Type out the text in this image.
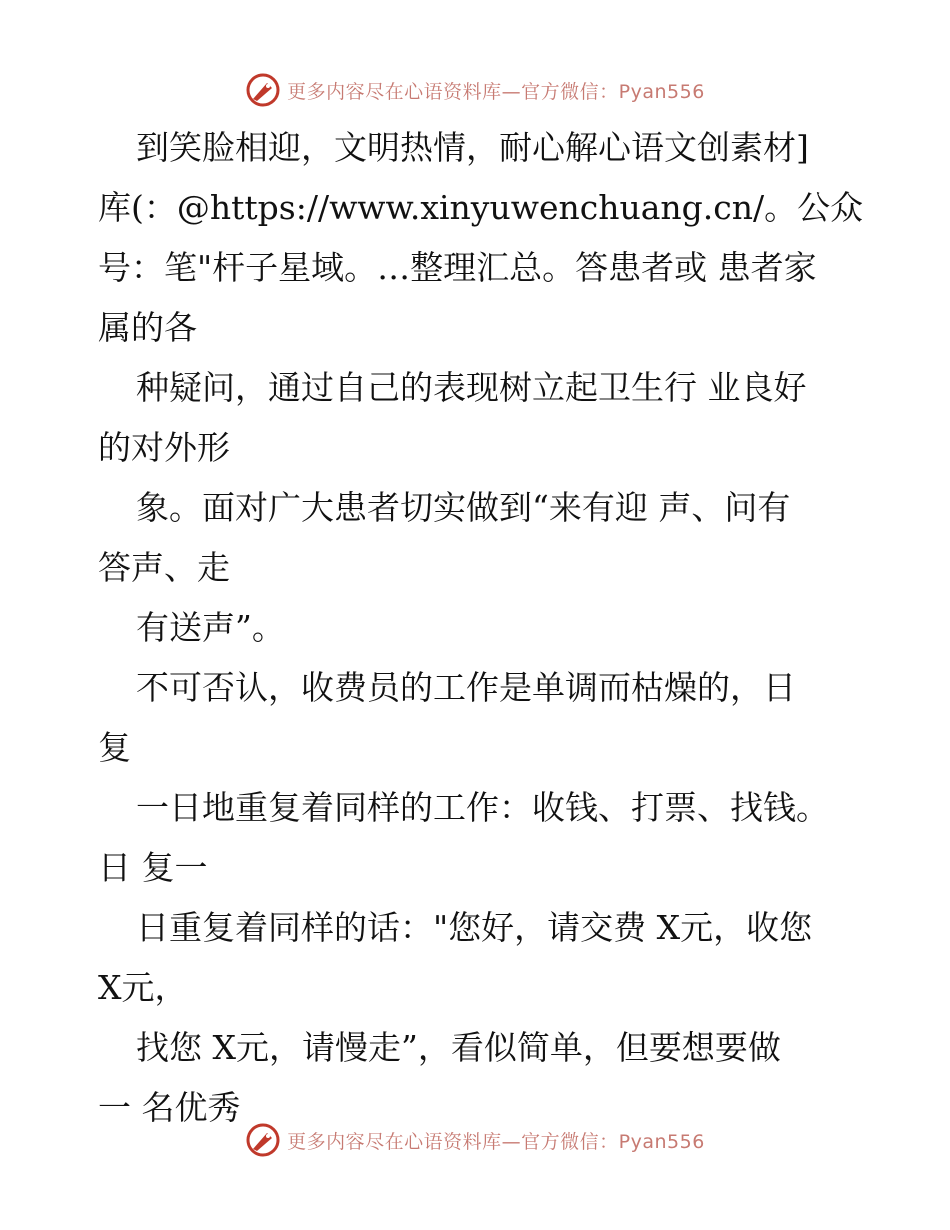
更多内容尽在心语资料库—官方微信：Pyan556
到笑脸相迎，文明热情，耐心解心语文创素材]
库(：@https://www.xinyuwenchuang.cn/。公众
号：笔"杆子星域。…整理汇总。答患者或 患者家
属的各
种疑问，通过自己的表现树立起卫生行 业良好
的对外形
象。面对广大患者切实做到“来有迎 声、问有
答声、走
有送声”。
不可否认，收费员的工作是单调而枯燥的，日
复
一日地重复着同样的工作：收钱、打票、找钱。
日 复一
日重复着同样的话："您好，请交费 X元，收您
X元，
找您 X元，请慢走”，看似简单，但要想要做
一 名优秀
更多内容尽在心语资料库—官方微信：Pyan556
